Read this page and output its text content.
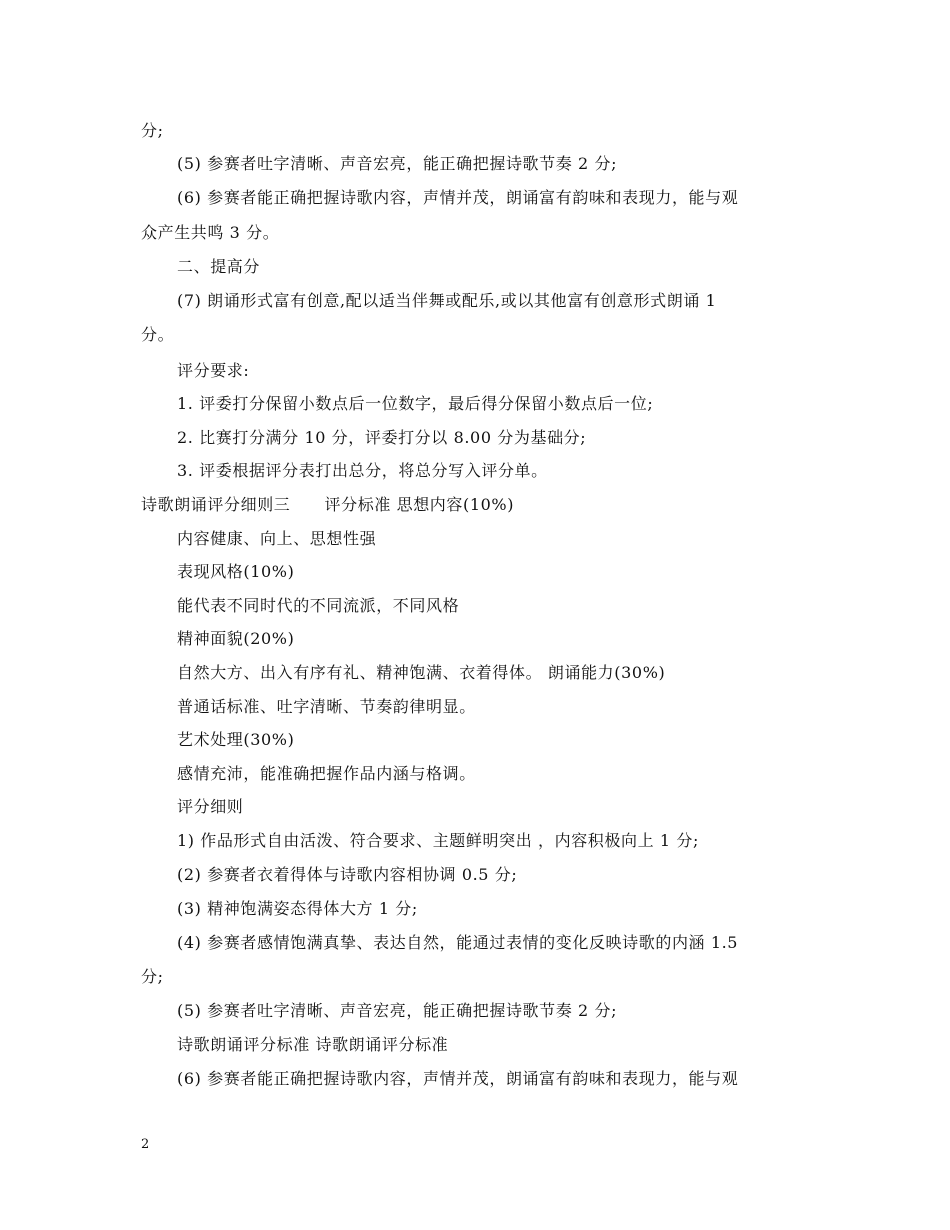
分;
(5) 参赛者吐字清晰、声音宏亮，能正确把握诗歌节奏 2 分;
(6) 参赛者能正确把握诗歌内容，声情并茂，朗诵富有韵味和表现力，能与观
众产生共鸣 3 分。
二、提高分
(7) 朗诵形式富有创意,配以适当伴舞或配乐,或以其他富有创意形式朗诵 1
分。
评分要求:
1. 评委打分保留小数点后一位数字，最后得分保留小数点后一位;
2. 比赛打分满分 10 分，评委打分以 8.00 分为基础分;
3. 评委根据评分表打出总分，将总分写入评分单。
诗歌朗诵评分细则三      评分标准 思想内容(10%)
内容健康、向上、思想性强
表现风格(10%)
能代表不同时代的不同流派，不同风格
精神面貌(20%)
自然大方、出入有序有礼、精神饱满、衣着得体。 朗诵能力(30%)
普通话标准、吐字清晰、节奏韵律明显。
艺术处理(30%)
感情充沛，能准确把握作品内涵与格调。
评分细则
1) 作品形式自由活泼、符合要求、主题鲜明突出 ，内容积极向上 1 分;
(2) 参赛者衣着得体与诗歌内容相协调 0.5 分;
(3) 精神饱满姿态得体大方 1 分;
(4) 参赛者感情饱满真挚、表达自然，能通过表情的变化反映诗歌的内涵 1.5
分;
(5) 参赛者吐字清晰、声音宏亮，能正确把握诗歌节奏 2 分;
诗歌朗诵评分标准 诗歌朗诵评分标准
(6) 参赛者能正确把握诗歌内容，声情并茂，朗诵富有韵味和表现力，能与观
2
